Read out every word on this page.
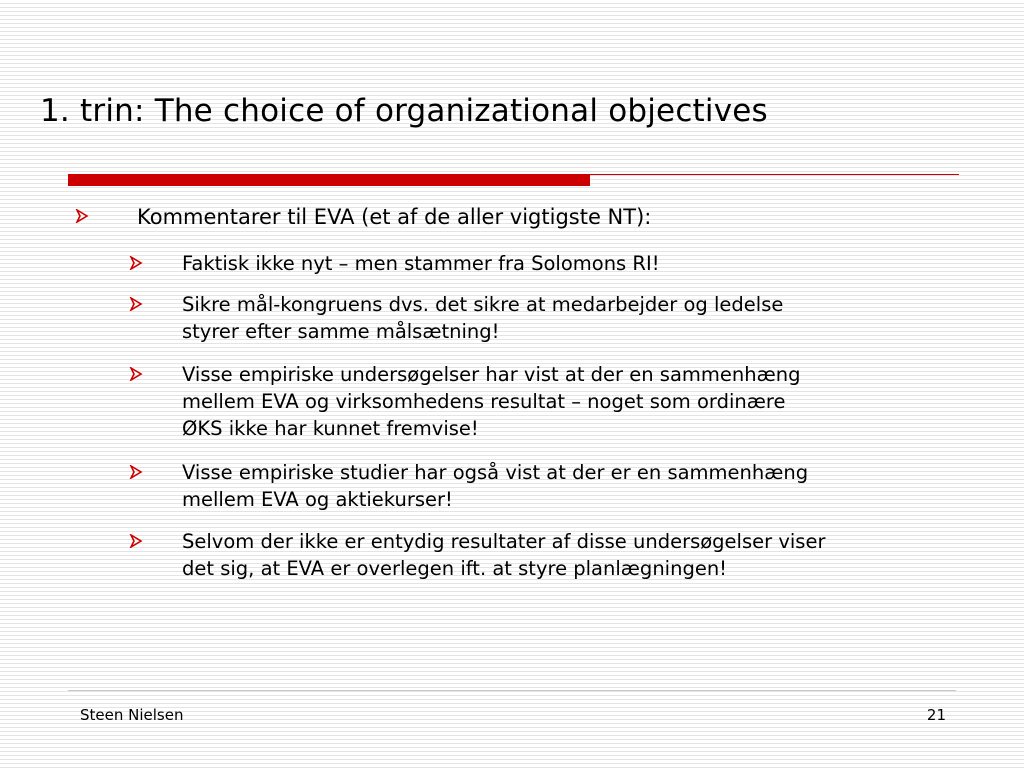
1. trin: The choice of organizational objectives
Kommentarer til EVA (et af de aller vigtigste NT):
Faktisk ikke nyt – men stammer fra Solomons RI!
Sikre mål-kongruens dvs. det sikre at medarbejder og ledelse
styrer efter samme målsætning!
Visse empiriske undersøgelser har vist at der en sammenhæng
mellem EVA og virksomhedens resultat – noget som ordinære
ØKS ikke har kunnet fremvise!
Visse empiriske studier har også vist at der er en sammenhæng
mellem EVA og aktiekurser!
Selvom der ikke er entydig resultater af disse undersøgelser viser
det sig, at EVA er overlegen ift. at styre planlægningen!
Steen Nielsen	21
